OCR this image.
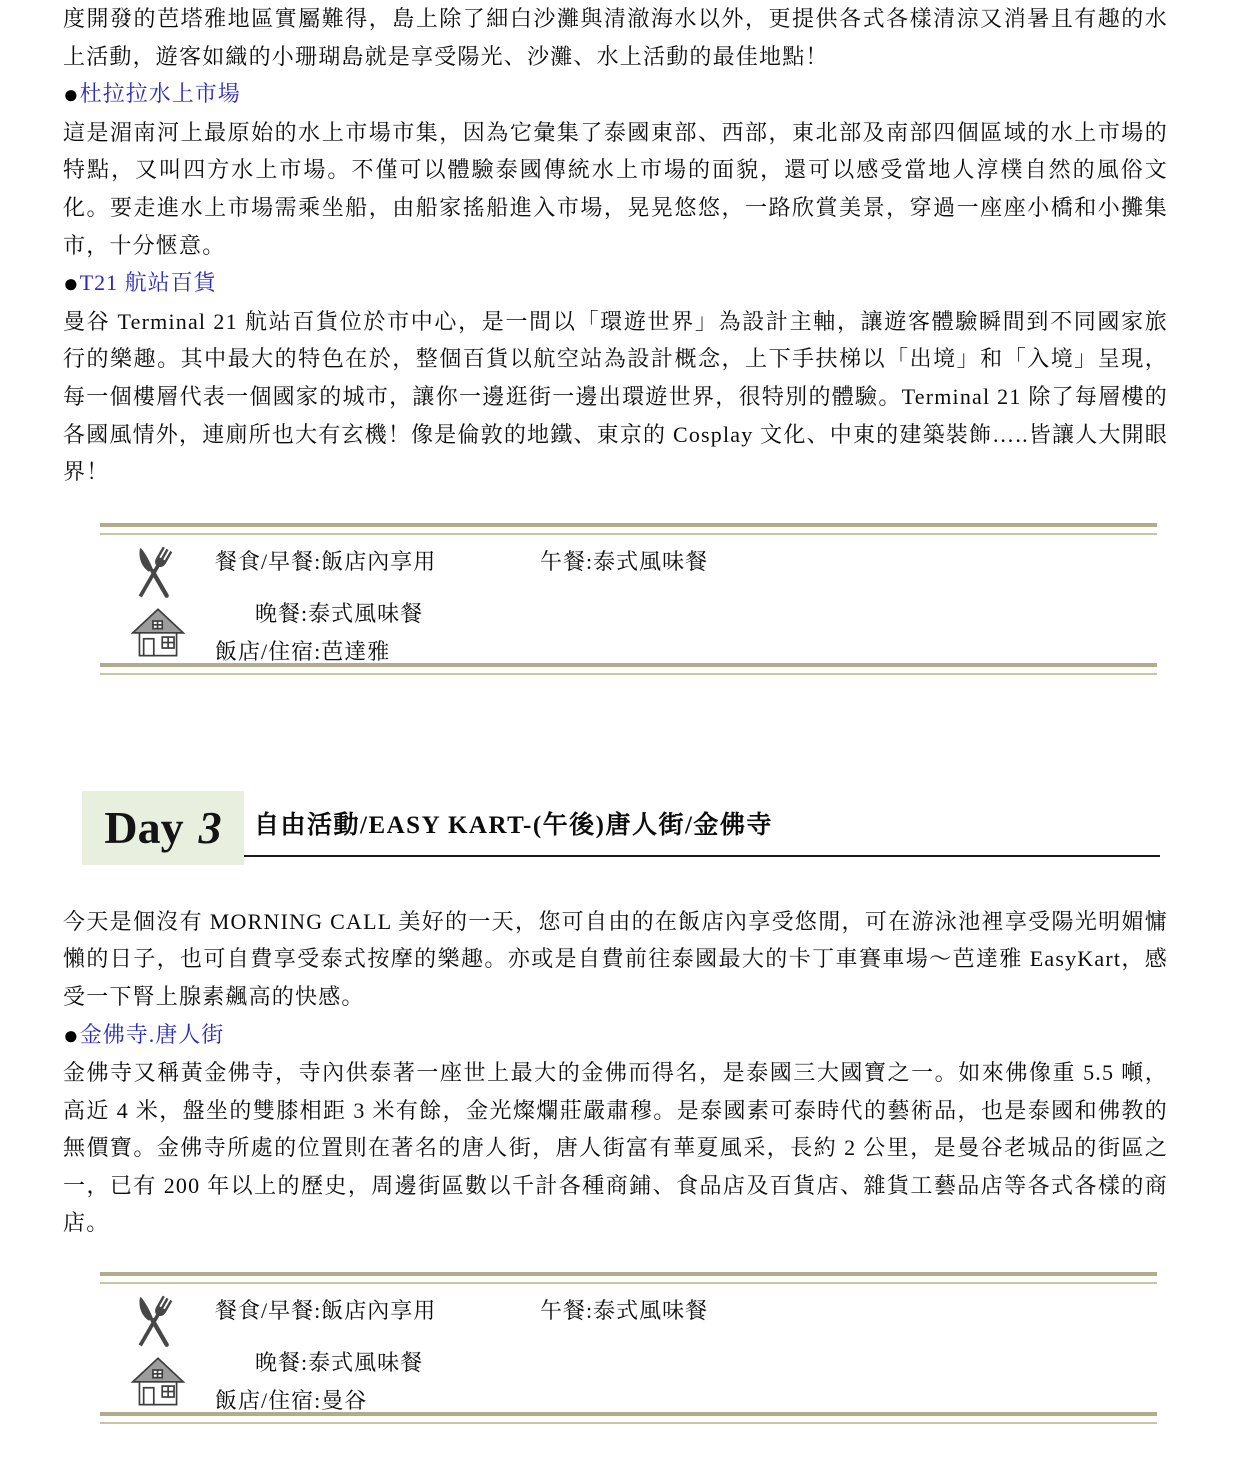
度開發的芭塔雅地區實屬難得，島上除了細白沙灘與清澈海水以外，更提供各式各樣清涼又消暑且有趣的水上活動，遊客如織的小珊瑚島就是享受陽光、沙灘、水上活動的最佳地點！

●杜拉拉水上市場

這是湄南河上最原始的水上市場市集，因為它彙集了泰國東部、西部，東北部及南部四個區域的水上市場的特點，又叫四方水上市場。不僅可以體驗泰國傳統水上市場的面貌，還可以感受當地人淳樸自然的風俗文化。要走進水上市場需乘坐船，由船家搖船進入市場，晃晃悠悠，一路欣賞美景，穿過一座座小橋和小攤集市，十分愜意。

●T21 航站百貨

曼谷 Terminal 21 航站百貨位於市中心，是一間以「環遊世界」為設計主軸，讓遊客體驗瞬間到不同國家旅行的樂趣。其中最大的特色在於，整個百貨以航空站為設計概念，上下手扶梯以「出境」和「入境」呈現，每一個樓層代表一個國家的城市，讓你一邊逛街一邊出環遊世界，很特別的體驗。Terminal 21 除了每層樓的各國風情外，連廁所也大有玄機！像是倫敦的地鐵、東京的 Cosplay 文化、中東的建築裝飾…..皆讓人大開眼界！

餐食/早餐:飯店內享用	午餐:泰式風味餐
晚餐:泰式風味餐
飯店/住宿:芭達雅
Day 3 自由活動/EASY KART-(午後)唐人街/金佛寺

今天是個沒有 MORNING CALL 美好的一天，您可自由的在飯店內享受悠閒，可在游泳池裡享受陽光明媚慵懶的日子，也可自費享受泰式按摩的樂趣。亦或是自費前往泰國最大的卡丁車賽車場～芭達雅 EasyKart，感受一下腎上腺素飆高的快感。

●金佛寺.唐人街

金佛寺又稱黃金佛寺，寺內供泰著一座世上最大的金佛而得名，是泰國三大國寶之一。如來佛像重 5.5 噸，高近 4 米，盤坐的雙膝相距 3 米有餘，金光燦爛莊嚴肅穆。是泰國素可泰時代的藝術品，也是泰國和佛教的無價寶。金佛寺所處的位置則在著名的唐人街，唐人街富有華夏風采，長約 2 公里，是曼谷老城品的街區之一，已有 200 年以上的歷史，周邊街區數以千計各種商鋪、食品店及百貨店、雜貨工藝品店等各式各樣的商店。

餐食/早餐:飯店內享用	午餐:泰式風味餐
晚餐:泰式風味餐
飯店/住宿:曼谷
